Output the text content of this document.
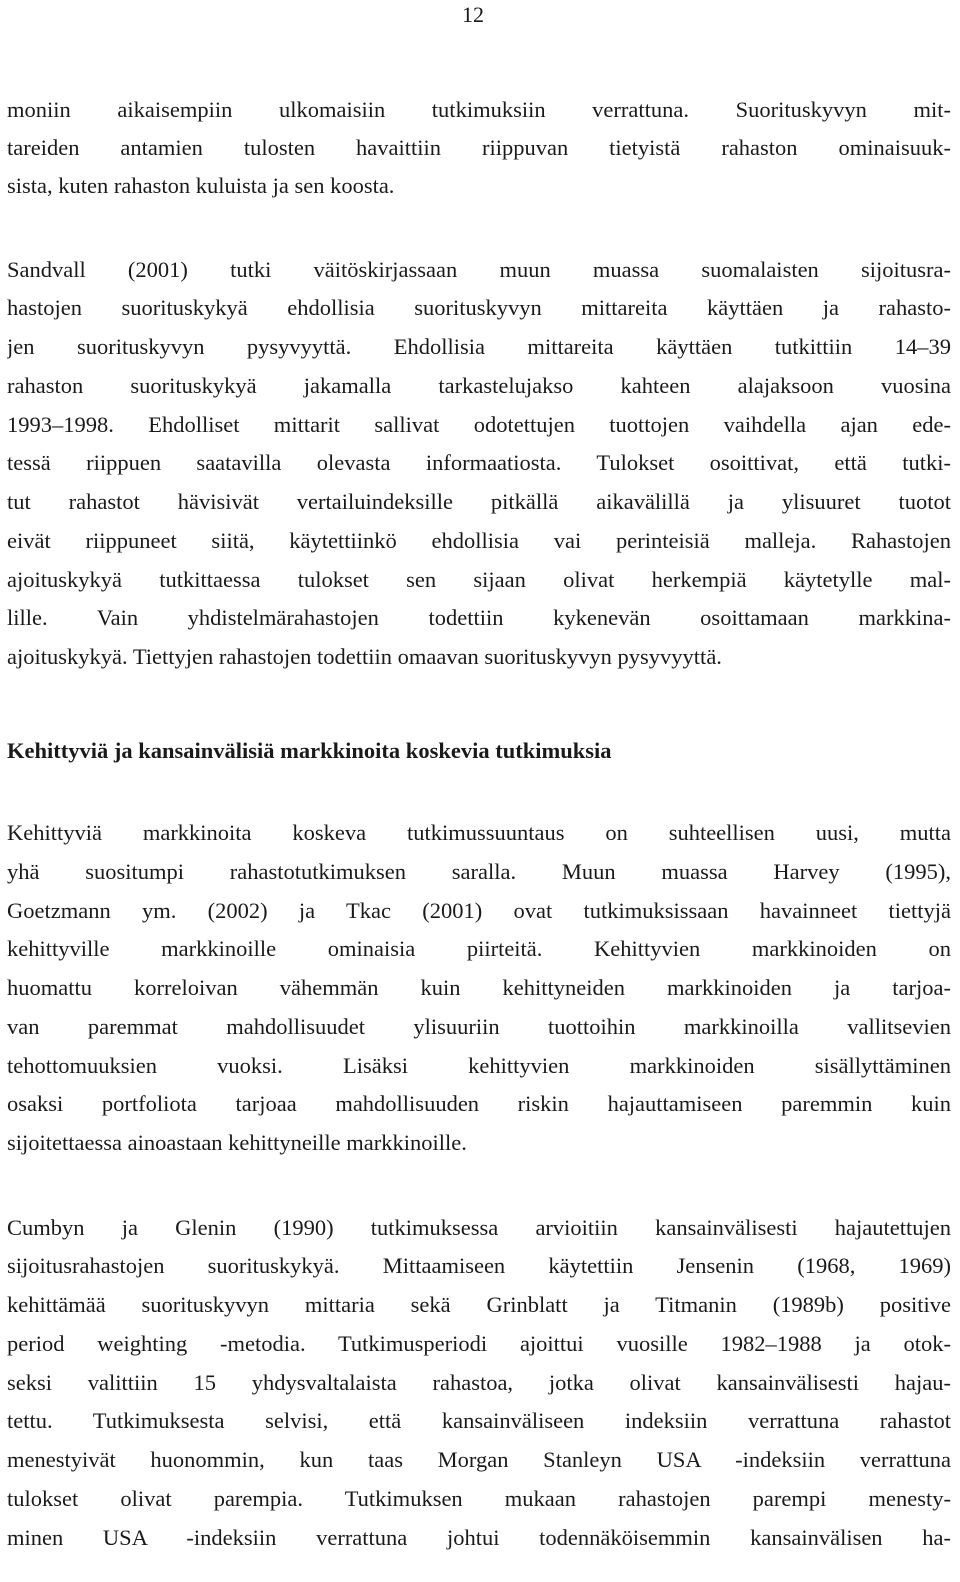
12
moniin aikaisempiin ulkomaisiin tutkimuksiin verrattuna. Suorituskyvyn mit-
tareiden antamien tulosten havaittiin riippuvan tietyistä rahaston ominaisuuk-
sista, kuten rahaston kuluista ja sen koosta.
Sandvall (2001) tutki väitöskirjassaan muun muassa suomalaisten sijoitusra-
hastojen suorituskykyä ehdollisia suorituskyvyn mittareita käyttäen ja rahasto-
jen suorituskyvyn pysyvyyttä. Ehdollisia mittareita käyttäen tutkittiin 14–39
rahaston suorituskykyä jakamalla tarkastelujakso kahteen alajaksoon vuosina
1993–1998. Ehdolliset mittarit sallivat odotettujen tuottojen vaihdella ajan ede-
tessä riippuen saatavilla olevasta informaatiosta. Tulokset osoittivat, että tutki-
tut rahastot hävisivät vertailuindeksille pitkällä aikavälillä ja ylisuuret tuotot
eivät riippuneet siitä, käytettiinkö ehdollisia vai perinteisiä malleja. Rahastojen
ajoituskykyä tutkittaessa tulokset sen sijaan olivat herkempiä käytetylle mal-
lille. Vain yhdistelmärahastojen todettiin kykenevän osoittamaan markkina-
ajoituskykyä. Tiettyjen rahastojen todettiin omaavan suorituskyvyn pysyvyyttä.
Kehittyviä ja kansainvälisiä markkinoita koskevia tutkimuksia
Kehittyviä markkinoita koskeva tutkimussuuntaus on suhteellisen uusi, mutta
yhä suositumpi rahastotutkimuksen saralla. Muun muassa Harvey (1995),
Goetzmann ym. (2002) ja Tkac (2001) ovat tutkimuksissaan havainneet tiettyjä
kehittyville markkinoille ominaisia piirteitä. Kehittyvien markkinoiden on
huomattu korreloivan vähemmän kuin kehittyneiden markkinoiden ja tarjoa-
van paremmat mahdollisuudet ylisuuriin tuottoihin markkinoilla vallitsevien
tehottomuuksien vuoksi. Lisäksi kehittyvien markkinoiden sisällyttäminen
osaksi portfoliota tarjoaa mahdollisuuden riskin hajauttamiseen paremmin kuin
sijoitettaessa ainoastaan kehittyneille markkinoille.
Cumbyn ja Glenin (1990) tutkimuksessa arvioitiin kansainvälisesti hajautettujen
sijoitusrahastojen suorituskykyä. Mittaamiseen käytettiin Jensenin (1968, 1969)
kehittämää suorituskyvyn mittaria sekä Grinblatt ja Titmanin (1989b) positive
period weighting -metodia. Tutkimusperiodi ajoittui vuosille 1982–1988 ja otok-
seksi valittiin 15 yhdysvaltalaista rahastoa, jotka olivat kansainvälisesti hajau-
tettu. Tutkimuksesta selvisi, että kansainväliseen indeksiin verrattuna rahastot
menestyivät huonommin, kun taas Morgan Stanleyn USA -indeksiin verrattuna
tulokset olivat parempia. Tutkimuksen mukaan rahastojen parempi menesty-
minen USA -indeksiin verrattuna johtui todennäköisemmin kansainvälisen ha-
